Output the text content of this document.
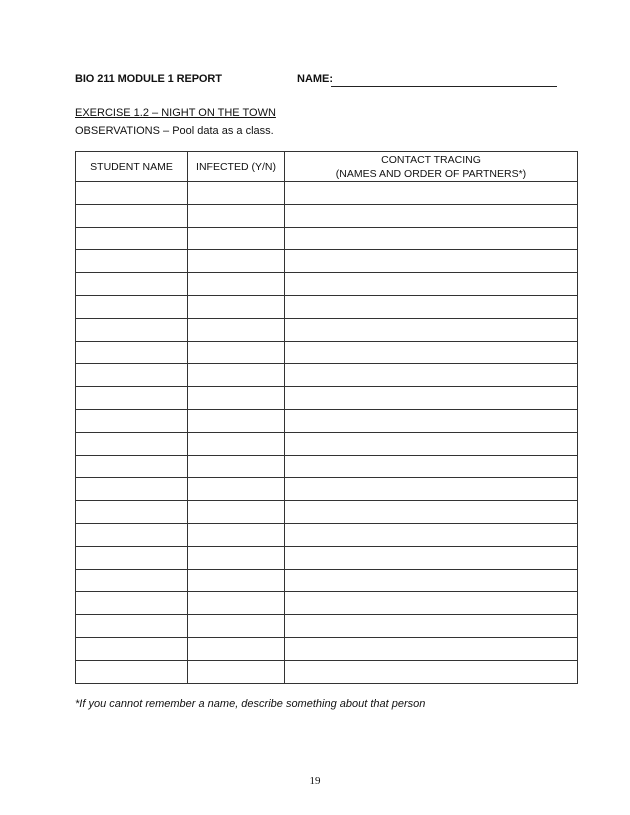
BIO 211 MODULE 1 REPORT	NAME:
EXERCISE 1.2 – NIGHT ON THE TOWN
OBSERVATIONS – Pool data as a class.
STUDENT NAME	INFECTED (Y/N)	CONTACT TRACING
(NAMES AND ORDER OF PARTNERS*)

*If you cannot remember a name, describe something about that person
19
